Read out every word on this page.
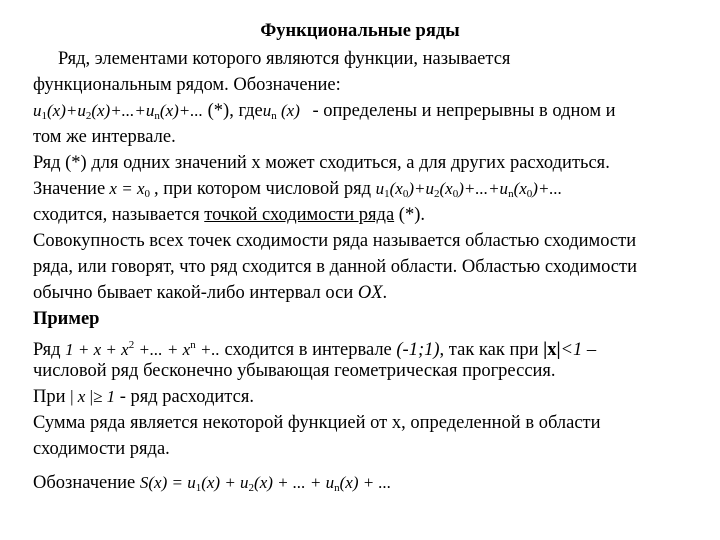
Функциональные ряды
Ряд, элементами которого являются функции, называется
функциональным рядом. Обозначение:
$u_1(x)+u_2(x)+...+u_n(x)+$... (*), гдеu$_n$ (x) - определены и непрерывны в одном и
том же интервале.
Ряд (*) для одних значений x может сходиться, а для других расходиться.
Значение $x = x_0$ , при котором числовой ряд $u_1(x_0)+u_2(x_0)+...+u_n(x_0)+$...
сходится, называется точкой сходимости ряда (*).
Совокупность всех точек сходимости ряда называется областью сходимости
ряда, или говорят, что ряд сходится в данной области. Областью сходимости
обычно бывает какой-либо интервал оси OX.
Пример
Ряд $1 + x + x^2$ +... + $x^n$ +.. сходится в интервале (-1;1), так как при |x|<1 –
числовой ряд бесконечно убывающая геометрическая прогрессия.
При | x |≥ 1 - ряд расходится.
Сумма ряда является некоторой функцией от х, определенной в области
сходимости ряда.
Обозначение $S(x) = u_1(x) + u_2(x)$ + ... + $u_n(x)$ + ...
